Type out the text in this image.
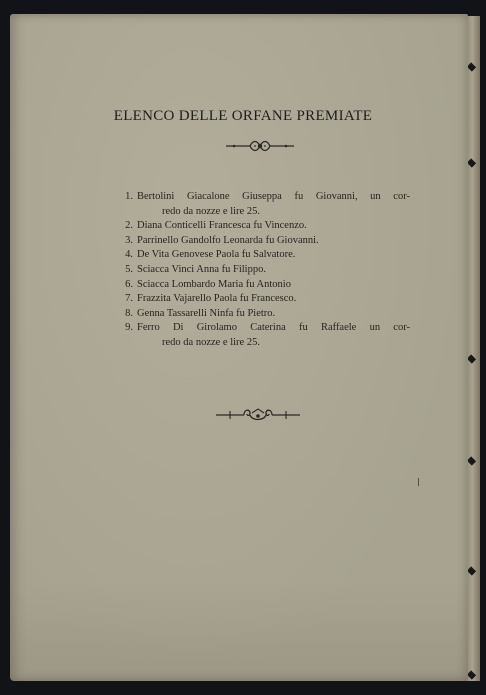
ELENCO DELLE ORFANE PREMIATE
1. Bertolini Giacalone Giuseppa fu Giovanni, un cor-
redo da nozze e lire 25.
2. Diana Conticelli Francesca fu Vincenzo.
3. Parrinello Gandolfo Leonarda fu Giovanni.
4. De Vita Genovese Paola fu Salvatore.
5. Sciacca Vinci Anna fu Filippo.
6. Sciacca Lombardo Maria fu Antonio
7. Frazzita Vajarello Paola fu Francesco.
8. Genna Tassarelli Ninfa fu Pietro.
9. Ferro Di Girolamo Caterina fu Raffaele un cor-
redo da nozze e lire 25.
